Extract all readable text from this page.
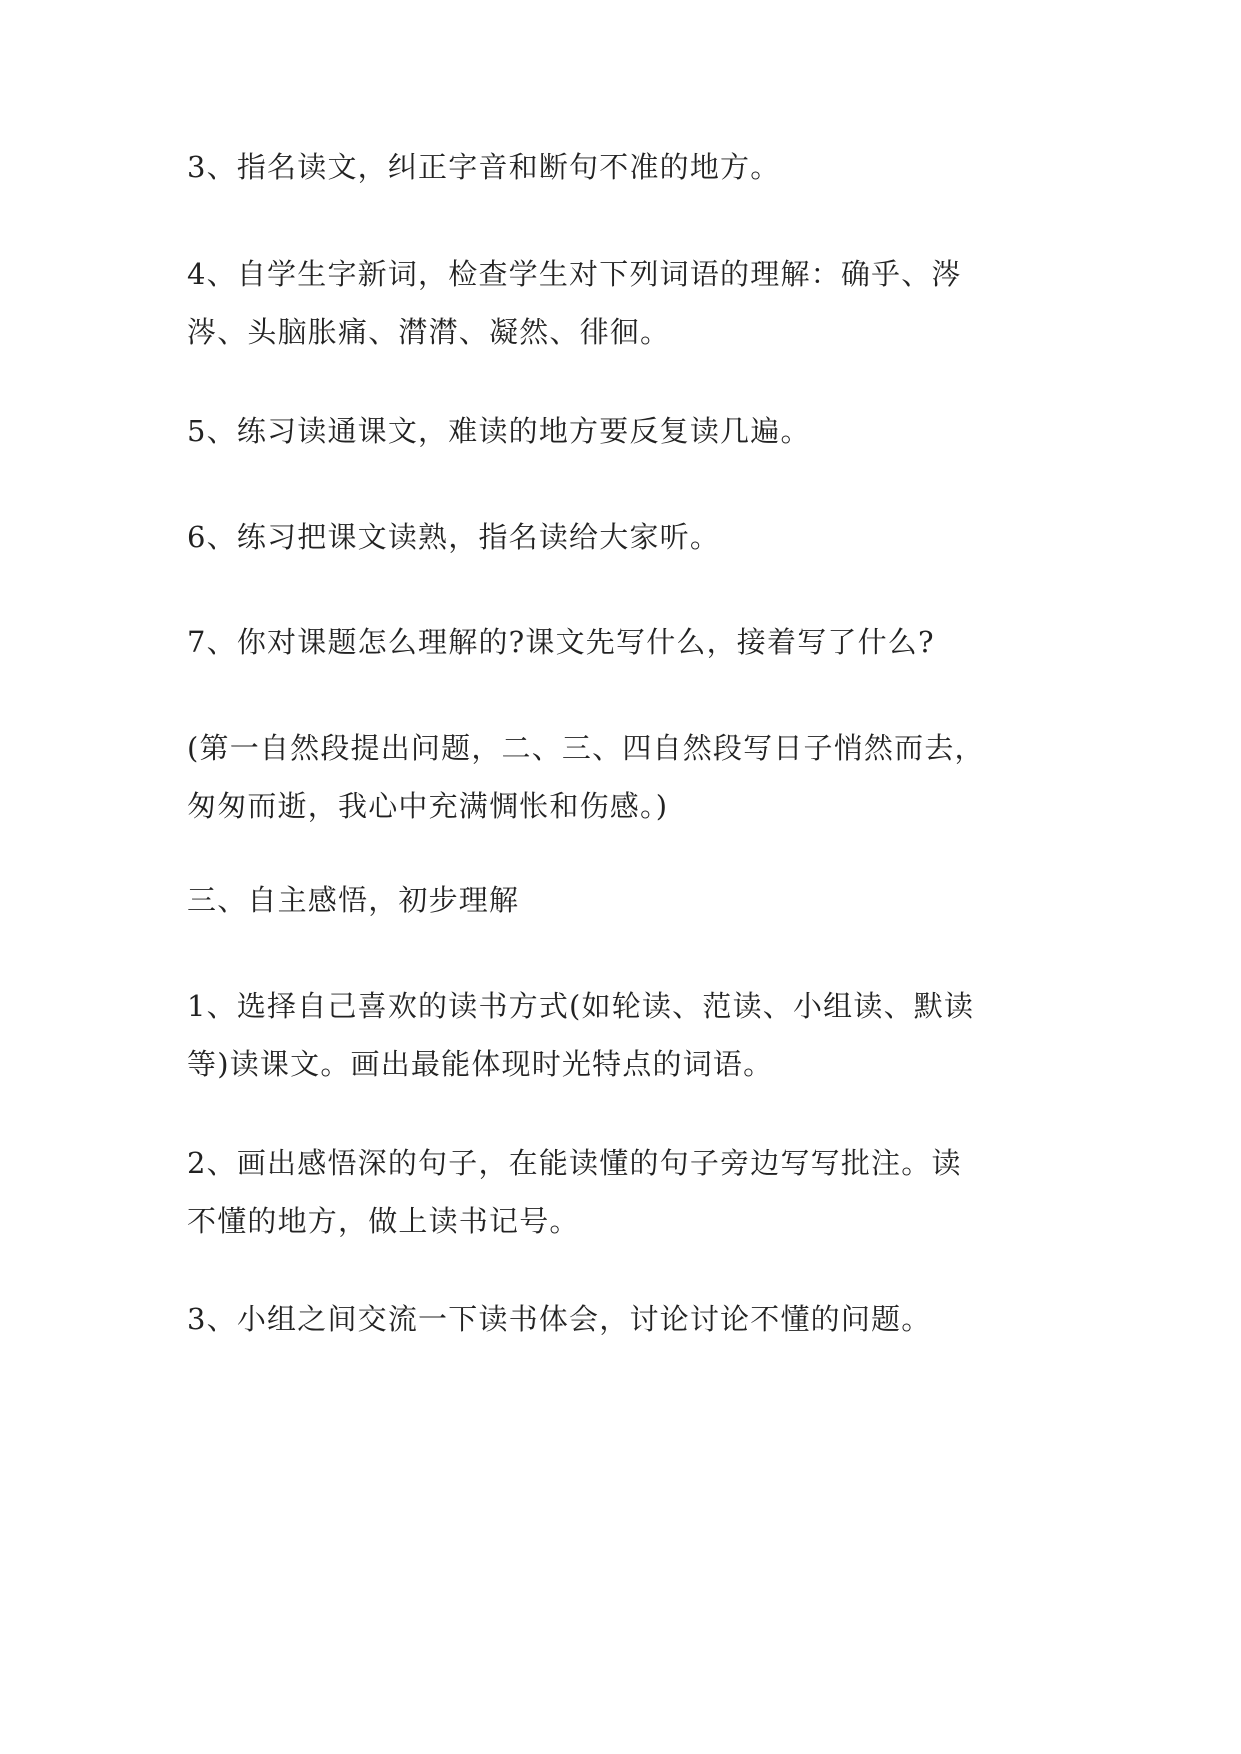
3、指名读文，纠正字音和断句不准的地方。
4、自学生字新词，检查学生对下列词语的理解：确乎、涔
涔、头脑胀痛、潸潸、凝然、徘徊。
5、练习读通课文，难读的地方要反复读几遍。
6、练习把课文读熟，指名读给大家听。
7、你对课题怎么理解的?课文先写什么，接着写了什么?
(第一自然段提出问题，二、三、四自然段写日子悄然而去，
匆匆而逝，我心中充满惆怅和伤感。)
三、自主感悟，初步理解
1、选择自己喜欢的读书方式(如轮读、范读、小组读、默读
等)读课文。画出最能体现时光特点的词语。
2、画出感悟深的句子，在能读懂的句子旁边写写批注。读
不懂的地方，做上读书记号。
3、小组之间交流一下读书体会，讨论讨论不懂的问题。
